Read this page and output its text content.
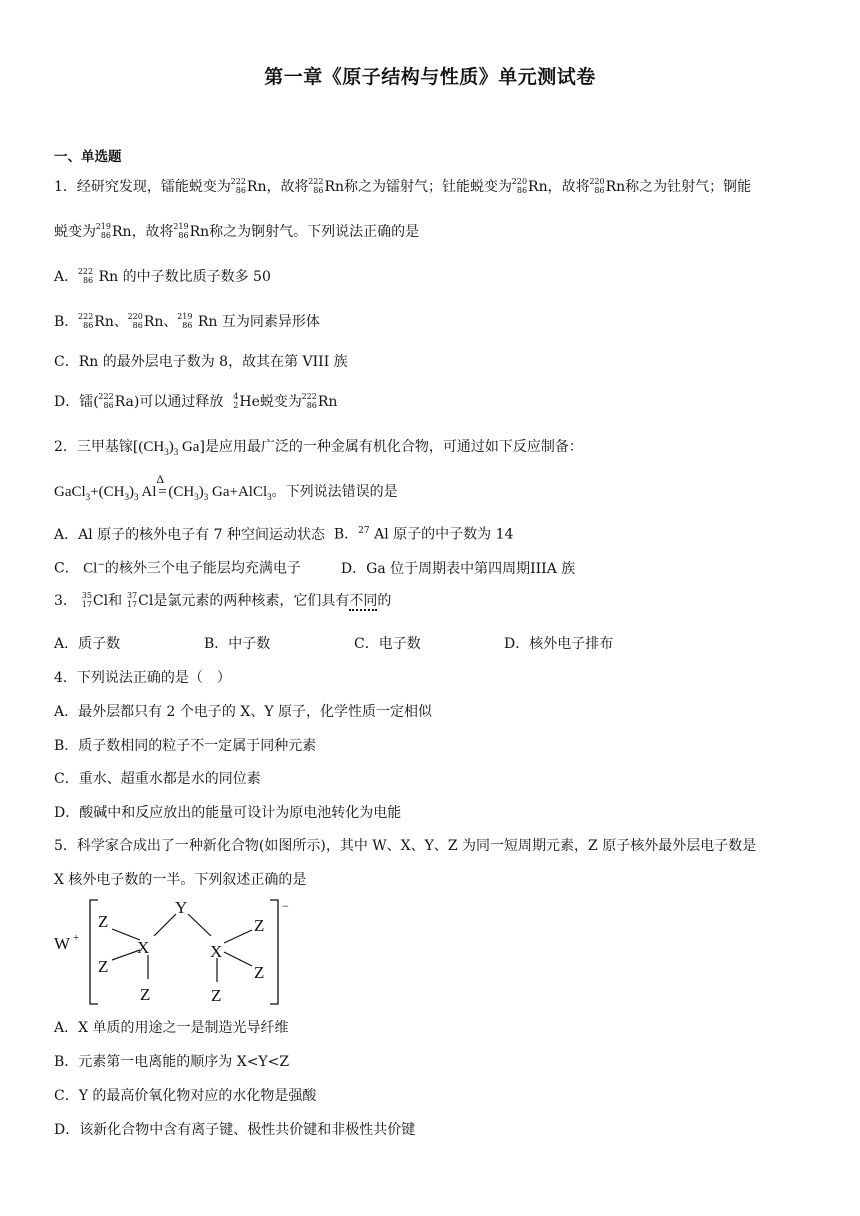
第一章《原子结构与性质》单元测试卷
一、单选题
1．经研究发现，镭能蜕变为 222
86 Rn，故将 222
86 Rn称之为镭射气；钍能蜕变为 220
86 Rn，故将 220
86 Rn称之为钍射气；锕能
蜕变为 219
86 Rn，故将 219
86 Rn称之为锕射气。下列说法正确的是
A． 222
86 Rn 的中子数比质子数多 50
B． 222
86 Rn、 220
86 Rn、 219
86 Rn 互为同素异形体
C．Rn 的最外层电子数为 8，故其在第 VIII 族
D．镭( 222
86 Ra)可以通过释放 4
2 He蜕变为 222
86 Rn
2．三甲基镓[$(CH_3)_3$ Ga]是应用最广泛的一种金属有机化合物，可通过如下反应制备：
$GaCl_3+(CH_3)_3$ Al
Δ
= $(CH_3)_3$ Ga+AlCl$_3$。下列说法错误的是
A．Al 原子的核外电子有 7 种空间运动状态 B．$^{27}$ Al 原子的中子数为 14
C． Cl−的核外三个电子能层均充满电子	D．Ga 位于周期表中第四周期IIIA 族
3． 35
17 Cl和 37
17 Cl是氯元素的两种核素，它们具有不同的
A．质子数	B．中子数	C．电子数	D．核外电子排布
4．下列说法正确的是（　）
A．最外层都只有 2 个电子的 X、Y 原子，化学性质一定相似
B．质子数相同的粒子不一定属于同种元素
C．重水、超重水都是水的同位素
D．酸碱中和反应放出的能量可设计为原电池转化为电能
5．科学家合成出了一种新化合物(如图所示)，其中 W、X、Y、Z 为同一短周期元素，Z 原子核外最外层电子数是
X 核外电子数的一半。下列叙述正确的是
W +
−
Z
Z
X
Z
Y
X
Z
Z
Z
A．X 单质的用途之一是制造光导纤维
B．元素第一电离能的顺序为 X<Y<Z
C．Y 的最高价氧化物对应的水化物是强酸
D．该新化合物中含有离子键、极性共价键和非极性共价键
